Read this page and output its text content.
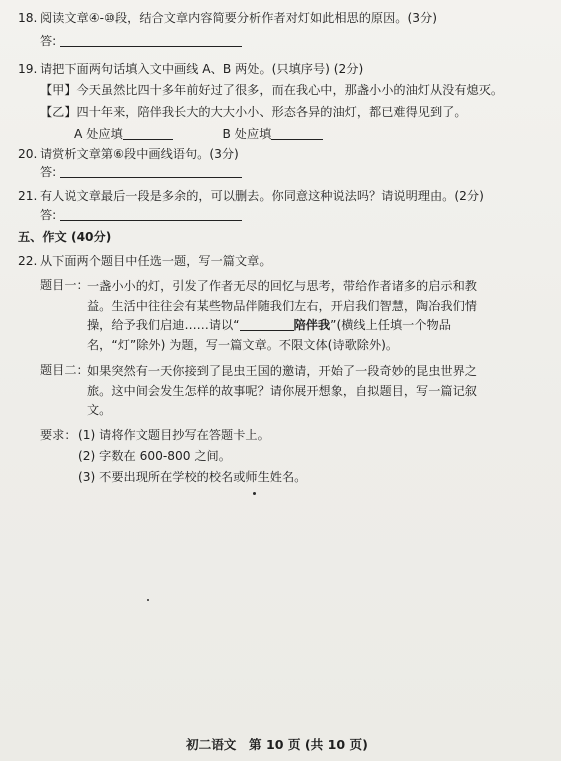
18. 阅读文章④-⑩段，结合文章内容简要分析作者对灯如此相思的原因。(3分)
答:
19. 请把下面两句话填入文中画线 A、B 两处。(只填序号) (2分)
【甲】今天虽然比四十多年前好过了很多，而在我心中，那盏小小的油灯从没有熄灭。
【乙】四十年来，陪伴我长大的大大小小、形态各异的油灯，都已难得见到了。
A 处应填	B 处应填
20. 请赏析文章第⑥段中画线语句。(3分)
答:
21. 有人说文章最后一段是多余的，可以删去。你同意这种说法吗？请说明理由。(2分)
答:
五、作文 (40分)
22. 从下面两个题目中任选一题，写一篇文章。
题目一：
一盏小小的灯，引发了作者无尽的回忆与思考，带给作者诸多的启示和教益。生活中往往会有某些物品伴随我们左右，开启我们智慧，陶冶我们情操，给予我们启迪……请以“	陪伴我”(横线上任填一个物品名，“灯”除外) 为题，写一篇文章。不限文体(诗歌除外)。
题目二：
如果突然有一天你接到了昆虫王国的邀请，开始了一段奇妙的昆虫世界之旅。这中间会发生怎样的故事呢？请你展开想象，自拟题目，写一篇记叙文。
要求： (1) 请将作文题目抄写在答题卡上。
(2) 字数在 600-800 之间。
(3) 不要出现所在学校的校名或师生姓名。
初二语文　第 10 页 (共 10 页)
